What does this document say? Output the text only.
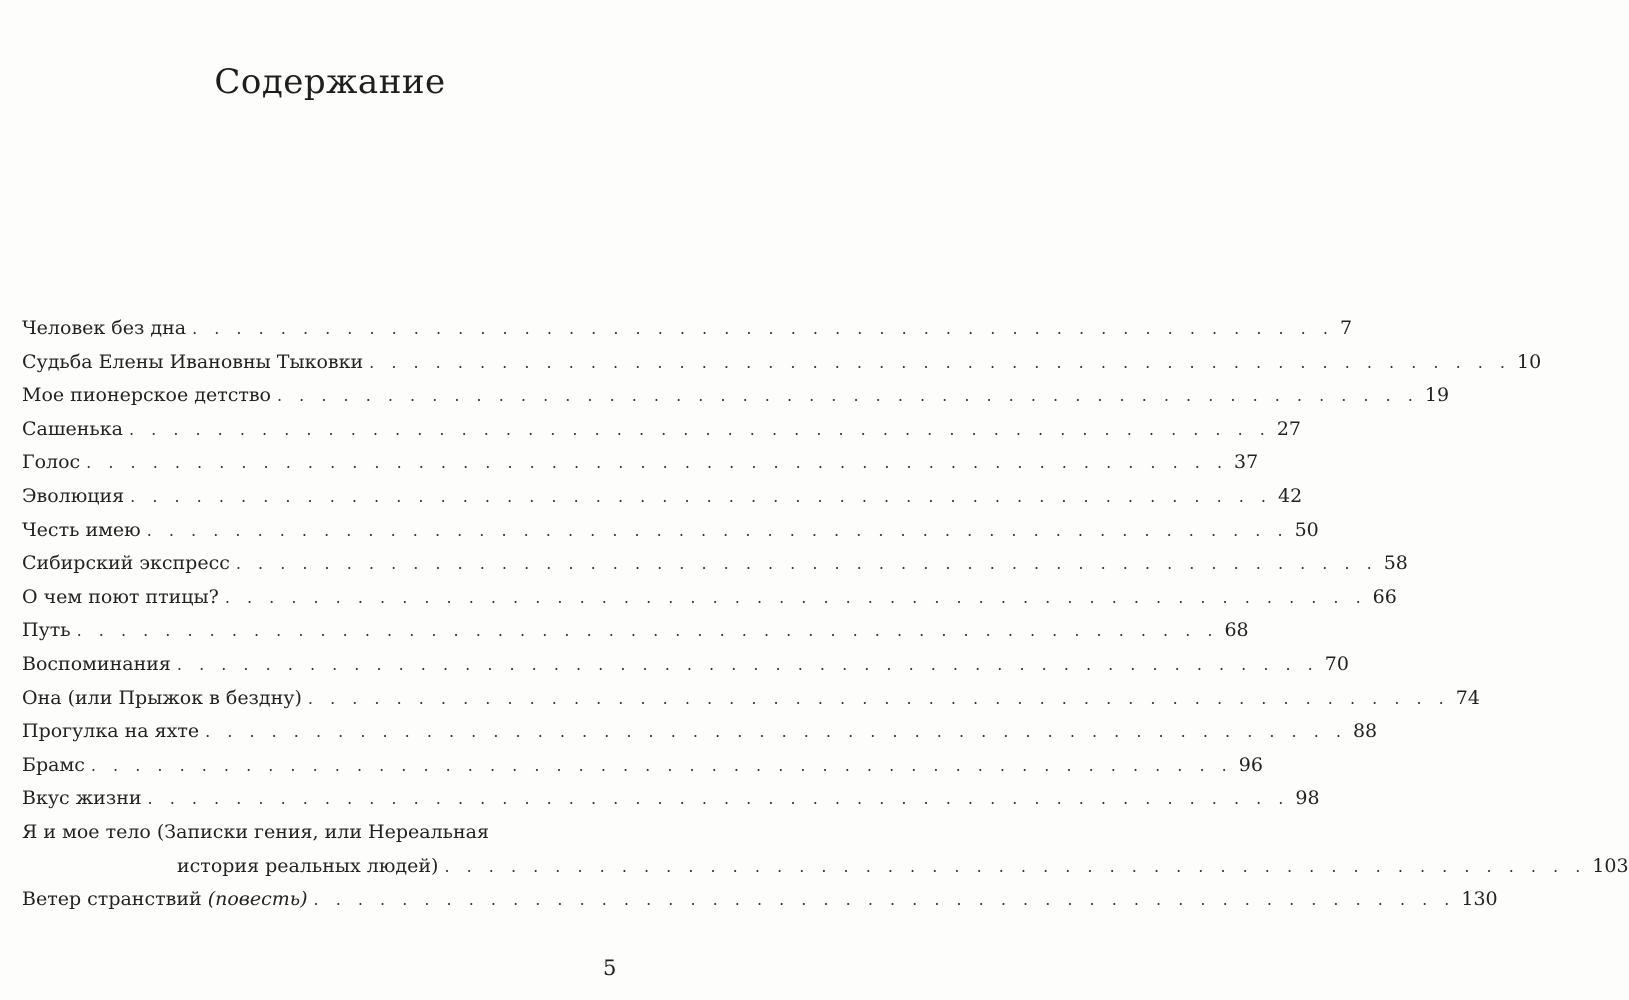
Содержание
Человек без дна . . . . . . . . . . . . . . . . . . . . . . . . . . . . . . . . . . . . . . . . . . . . . . . . . . . . 7
Судьба Елены Ивановны Тыковки . . . . . . . . . . . . . . . . . . . . . . . . . . . . . . . . . . . . . . . . . . . . . . . . . . . . 10
Мое пионерское детство . . . . . . . . . . . . . . . . . . . . . . . . . . . . . . . . . . . . . . . . . . . . . . . . . . . . 19
Сашенька . . . . . . . . . . . . . . . . . . . . . . . . . . . . . . . . . . . . . . . . . . . . . . . . . . . . 27
Голос . . . . . . . . . . . . . . . . . . . . . . . . . . . . . . . . . . . . . . . . . . . . . . . . . . . . 37
Эволюция . . . . . . . . . . . . . . . . . . . . . . . . . . . . . . . . . . . . . . . . . . . . . . . . . . . . 42
Честь имею . . . . . . . . . . . . . . . . . . . . . . . . . . . . . . . . . . . . . . . . . . . . . . . . . . . . 50
Сибирский экспресс . . . . . . . . . . . . . . . . . . . . . . . . . . . . . . . . . . . . . . . . . . . . . . . . . . . . 58
О чем поют птицы? . . . . . . . . . . . . . . . . . . . . . . . . . . . . . . . . . . . . . . . . . . . . . . . . . . . . 66
Путь . . . . . . . . . . . . . . . . . . . . . . . . . . . . . . . . . . . . . . . . . . . . . . . . . . . . 68
Воспоминания . . . . . . . . . . . . . . . . . . . . . . . . . . . . . . . . . . . . . . . . . . . . . . . . . . . . 70
Она (или Прыжок в бездну) . . . . . . . . . . . . . . . . . . . . . . . . . . . . . . . . . . . . . . . . . . . . . . . . . . . . 74
Прогулка на яхте . . . . . . . . . . . . . . . . . . . . . . . . . . . . . . . . . . . . . . . . . . . . . . . . . . . . 88
Брамс . . . . . . . . . . . . . . . . . . . . . . . . . . . . . . . . . . . . . . . . . . . . . . . . . . . . 96
Вкус жизни . . . . . . . . . . . . . . . . . . . . . . . . . . . . . . . . . . . . . . . . . . . . . . . . . . . . 98
Я и мое тело (Записки гения, или Нереальная
история реальных людей) . . . . . . . . . . . . . . . . . . . . . . . . . . . . . . . . . . . . . . . . . . . . . . . . . . . . 103
Ветер странствий (повесть) . . . . . . . . . . . . . . . . . . . . . . . . . . . . . . . . . . . . . . . . . . . . . . . . . . . . 130
5
